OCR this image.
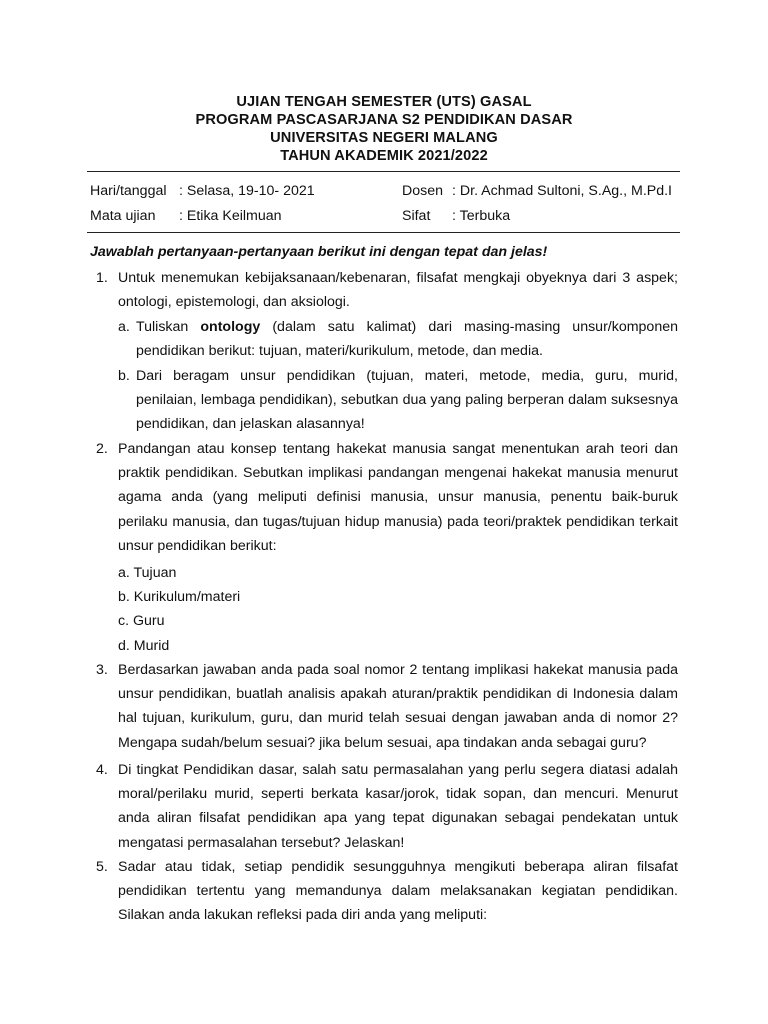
UJIAN TENGAH SEMESTER (UTS) GASAL
PROGRAM PASCASARJANA S2 PENDIDIKAN DASAR
UNIVERSITAS NEGERI MALANG
TAHUN AKADEMIK 2021/2022
Hari/tanggal : Selasa, 19-10- 2021	Dosen : Dr. Achmad Sultoni, S.Ag., M.Pd.I
Mata ujian : Etika Keilmuan	Sifat : Terbuka
Jawablah pertanyaan-pertanyaan berikut ini dengan tepat dan jelas!
1. Untuk menemukan kebijaksanaan/kebenaran, filsafat mengkaji obyeknya dari 3 aspek; ontologi, epistemologi, dan aksiologi.
a. Tuliskan ontology (dalam satu kalimat) dari masing-masing unsur/komponen pendidikan berikut: tujuan, materi/kurikulum, metode, dan media.
b. Dari beragam unsur pendidikan (tujuan, materi, metode, media, guru, murid, penilaian, lembaga pendidikan), sebutkan dua yang paling berperan dalam suksesnya pendidikan, dan jelaskan alasannya!
2. Pandangan atau konsep tentang hakekat manusia sangat menentukan arah teori dan praktik pendidikan. Sebutkan implikasi pandangan mengenai hakekat manusia menurut agama anda (yang meliputi definisi manusia, unsur manusia, penentu baik-buruk perilaku manusia, dan tugas/tujuan hidup manusia) pada teori/praktek pendidikan terkait unsur pendidikan berikut:
a. Tujuan
b. Kurikulum/materi
c. Guru
d. Murid
3. Berdasarkan jawaban anda pada soal nomor 2 tentang implikasi hakekat manusia pada unsur pendidikan, buatlah analisis apakah aturan/praktik pendidikan di Indonesia dalam hal tujuan, kurikulum, guru, dan murid telah sesuai dengan jawaban anda di nomor 2? Mengapa sudah/belum sesuai? jika belum sesuai, apa tindakan anda sebagai guru?
4. Di tingkat Pendidikan dasar, salah satu permasalahan yang perlu segera diatasi adalah moral/perilaku murid, seperti berkata kasar/jorok, tidak sopan, dan mencuri. Menurut anda aliran filsafat pendidikan apa yang tepat digunakan sebagai pendekatan untuk mengatasi permasalahan tersebut? Jelaskan!
5. Sadar atau tidak, setiap pendidik sesungguhnya mengikuti beberapa aliran filsafat pendidikan tertentu yang memandunya dalam melaksanakan kegiatan pendidikan. Silakan anda lakukan refleksi pada diri anda yang meliputi:
